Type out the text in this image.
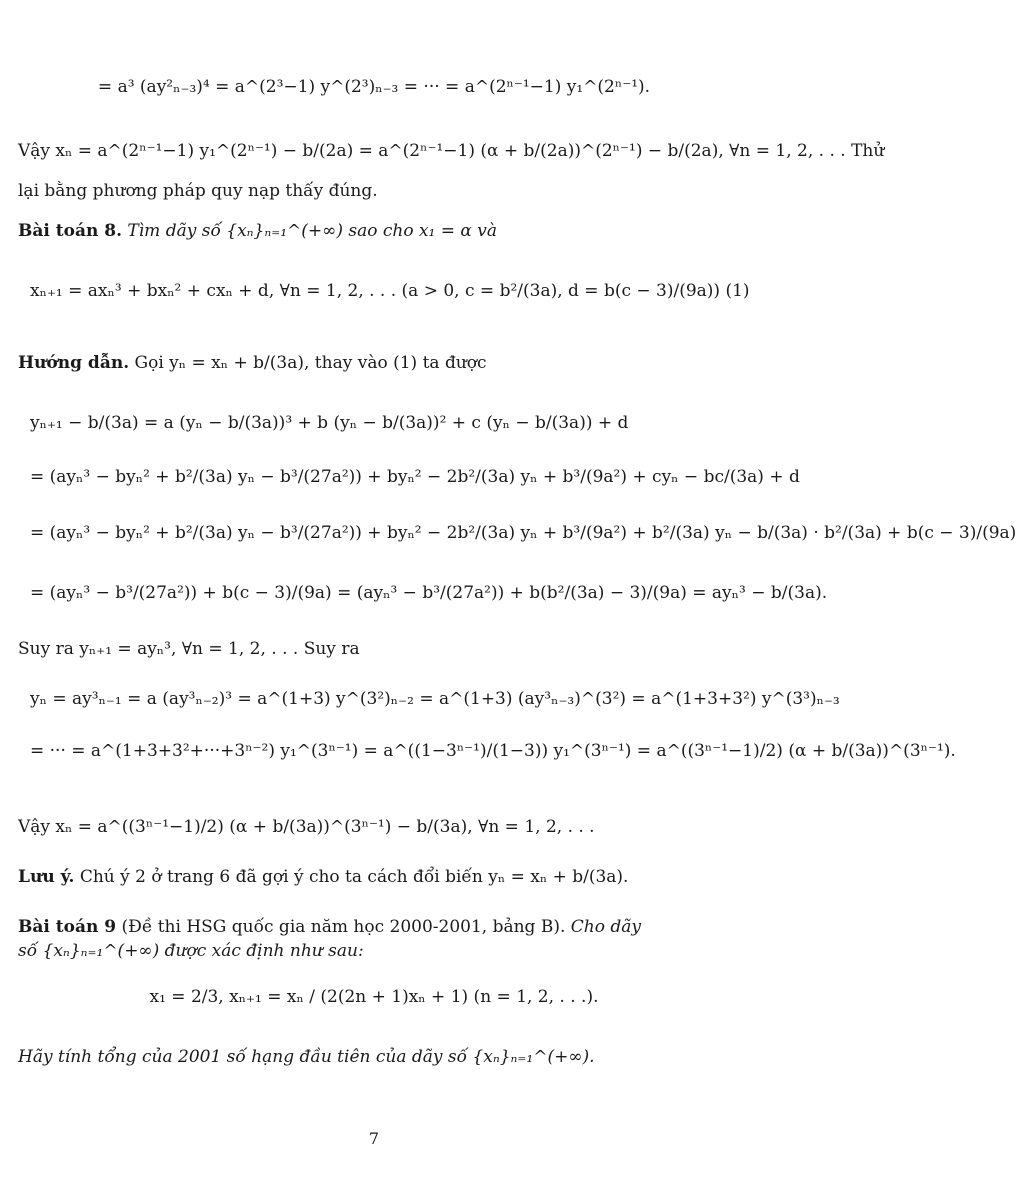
= a³ (ay²ₙ₋₃)⁴ = a^(2³−1) y^(2³)ₙ₋₃ = ··· = a^(2ⁿ⁻¹−1) y₁^(2ⁿ⁻¹).
Vậy xₙ = a^(2ⁿ⁻¹−1) y₁^(2ⁿ⁻¹) − b/(2a) = a^(2ⁿ⁻¹−1) (α + b/(2a))^(2ⁿ⁻¹) − b/(2a), ∀n = 1, 2, . . . Thử
lại bằng phương pháp quy nạp thấy đúng.
Bài toán 8. Tìm dãy số {xₙ}ₙ₌₁^(+∞) sao cho x₁ = α và
xₙ₊₁ = axₙ³ + bxₙ² + cxₙ + d, ∀n = 1, 2, . . . (a > 0, c = b²/(3a), d = b(c − 3)/(9a)) (1)
Hướng dẫn. Gọi yₙ = xₙ + b/(3a), thay vào (1) ta được
yₙ₊₁ − b/(3a) = a (yₙ − b/(3a))³ + b (yₙ − b/(3a))² + c (yₙ − b/(3a)) + d
= (ayₙ³ − byₙ² + b²/(3a) yₙ − b³/(27a²)) + byₙ² − 2b²/(3a) yₙ + b³/(9a²) + cyₙ − bc/(3a) + d
= (ayₙ³ − byₙ² + b²/(3a) yₙ − b³/(27a²)) + byₙ² − 2b²/(3a) yₙ + b³/(9a²) + b²/(3a) yₙ − b/(3a) · b²/(3a) + b(c − 3)/(9a)
= (ayₙ³ − b³/(27a²)) + b(c − 3)/(9a) = (ayₙ³ − b³/(27a²)) + b(b²/(3a) − 3)/(9a) = ayₙ³ − b/(3a).
Suy ra yₙ₊₁ = ayₙ³, ∀n = 1, 2, . . . Suy ra
yₙ = ay³ₙ₋₁ = a (ay³ₙ₋₂)³ = a^(1+3) y^(3²)ₙ₋₂ = a^(1+3) (ay³ₙ₋₃)^(3²) = a^(1+3+3²) y^(3³)ₙ₋₃
= ··· = a^(1+3+3²+···+3ⁿ⁻²) y₁^(3ⁿ⁻¹) = a^((1−3ⁿ⁻¹)/(1−3)) y₁^(3ⁿ⁻¹) = a^((3ⁿ⁻¹−1)/2) (α + b/(3a))^(3ⁿ⁻¹).
Vậy xₙ = a^((3ⁿ⁻¹−1)/2) (α + b/(3a))^(3ⁿ⁻¹) − b/(3a), ∀n = 1, 2, . . .
Lưu ý. Chú ý 2 ở trang 6 đã gợi ý cho ta cách đổi biến yₙ = xₙ + b/(3a).
Bài toán 9 (Đề thi HSG quốc gia năm học 2000-2001, bảng B). Cho dãy
số {xₙ}ₙ₌₁^(+∞) được xác định như sau:
x₁ = 2/3, xₙ₊₁ = xₙ / (2(2n + 1)xₙ + 1) (n = 1, 2, . . .).
Hãy tính tổng của 2001 số hạng đầu tiên của dãy số {xₙ}ₙ₌₁^(+∞).
7
